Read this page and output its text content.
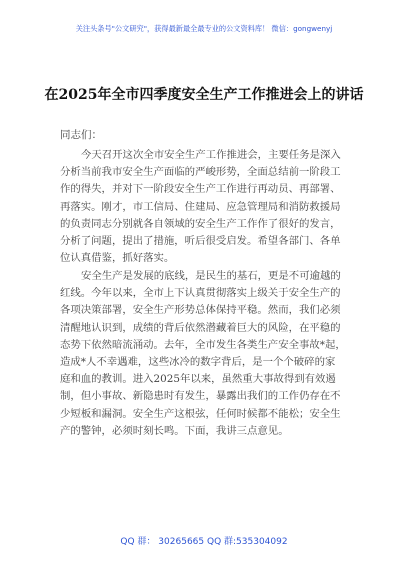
关注头条号"公文研究"，获得最新最全最专业的公文资料库！ 微信：gongwenyj
在2025年全市四季度安全生产工作推进会上的讲话
同志们：
今天召开这次全市安全生产工作推进会，主要任务是深入
分析当前我市安全生产面临的严峻形势，全面总结前一阶段工
作的得失，并对下一阶段安全生产工作进行再动员、再部署、
再落实。刚才，市工信局、住建局、应急管理局和消防救援局
的负责同志分别就各自领域的安全生产工作作了很好的发言，
分析了问题，提出了措施，听后很受启发。希望各部门、各单
位认真借鉴，抓好落实。
安全生产是发展的底线，是民生的基石，更是不可逾越的
红线。今年以来，全市上下认真贯彻落实上级关于安全生产的
各项决策部署，安全生产形势总体保持平稳。然而，我们必须
清醒地认识到，成绩的背后依然潜藏着巨大的风险，在平稳的
态势下依然暗流涌动。去年，全市发生各类生产安全事故*起，
造成*人不幸遇难，这些冰冷的数字背后，是一个个破碎的家
庭和血的教训。进入2025年以来，虽然重大事故得到有效遏
制，但小事故、新隐患时有发生，暴露出我们的工作仍存在不
少短板和漏洞。安全生产这根弦，任何时候都不能松；安全生
产的警钟，必须时刻长鸣。下面，我讲三点意见。
QQ 群： 30265665 QQ 群:535304092
